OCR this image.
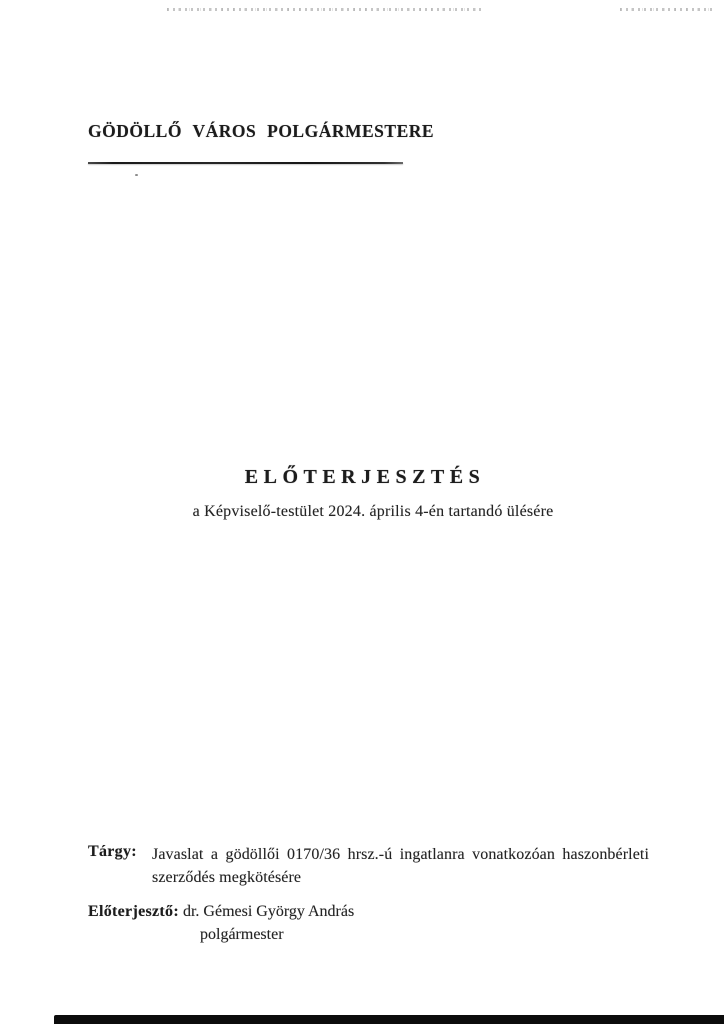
GÖDÖLLŐ VÁROS POLGÁRMESTERE
ELŐTERJESZTÉS
a Képviselő-testület 2024. április 4-én tartandó ülésére
Tárgy: Javaslat a gödöllői 0170/36 hrsz.-ú ingatlanra vonatkozóan haszonbérleti szerződés megkötésére
Előterjesztő: dr. Gémesi György András
polgármester
